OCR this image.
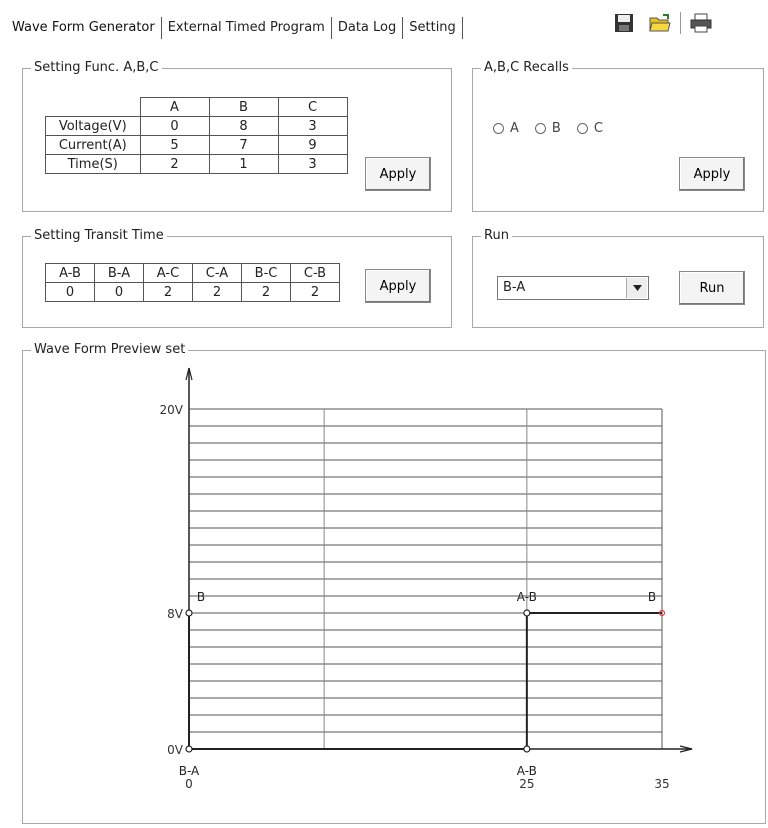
Wave Form Generator	External Timed Program	Data Log	Setting
Setting Func. A,B,C
	A	B	C
Voltage(V)	0	8	3
Current(A)	5	7	9
Time(S)	2	1	3
Apply
A,B,C Recalls
A	B	C
Apply
Setting Transit Time
A-B	B-A	A-C	C-A	B-C	C-B
0	0	2	2	2	2	Apply
Run
B-A	Run
Wave Form Preview set
20V
8V
0V
0	25	35
B	A-B	B
B-A	A-B
